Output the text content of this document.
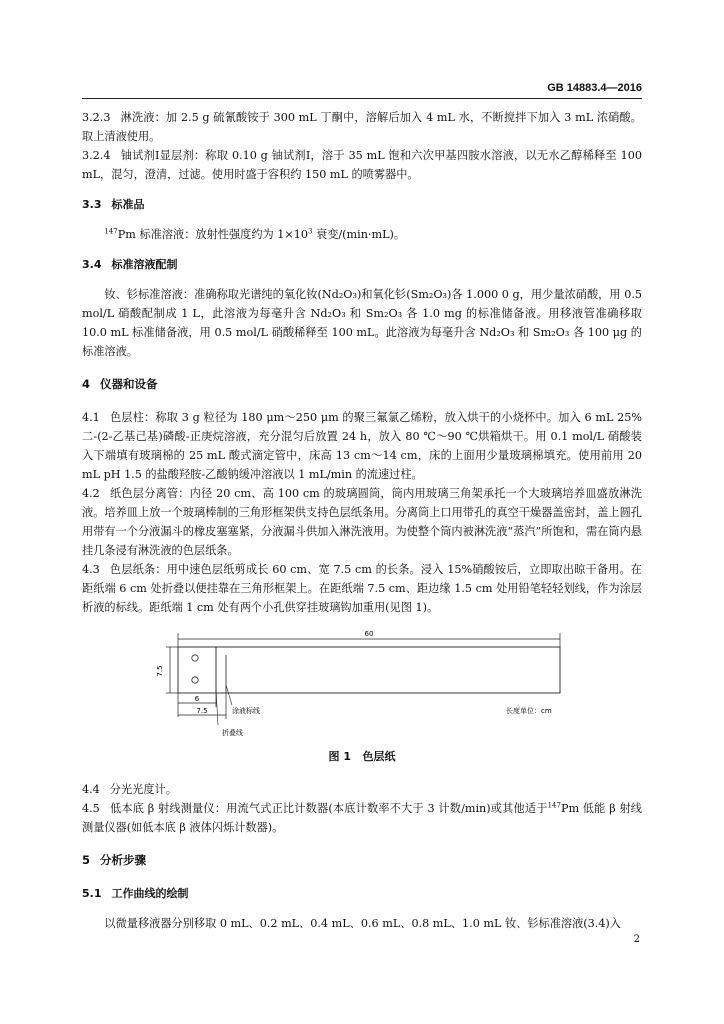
GB 14883.4—2016

3.2.3 淋洗液：加 2.5 g 硫氰酸铵于 300 mL 丁酮中，溶解后加入 4 mL 水，不断搅拌下加入 3 mL 浓硝酸。取上清液使用。

3.2.4 铀试剂Ⅰ显层剂：称取 0.10 g 铀试剂Ⅰ，溶于 35 mL 饱和六次甲基四胺水溶液，以无水乙醇稀释至 100 mL，混匀，澄清，过滤。使用时盛于容积约 150 mL 的喷雾器中。

3.3 标准品

$^{147}$Pm 标准溶液：放射性强度约为 $1\times 10^3$ 衰变/(min·mL)。

3.4 标准溶液配制

钕、钐标准溶液：准确称取光谱纯的氧化钕(Nd₂O₃)和氧化钐(Sm₂O₃)各 1.000 0 g，用少量浓硝酸，用 0.5 mol/L 硝酸配制成 1 L，此溶液为每毫升含 Nd₂O₃ 和 Sm₂O₃ 各 1.0 mg 的标准储备液。用移液管准确移取 10.0 mL 标准储备液，用 0.5 mol/L 硝酸稀释至 100 mL。此溶液为每毫升含 Nd₂O₃ 和 Sm₂O₃ 各 100 μg 的标准溶液。

4 仪器和设备

4.1 色层柱：称取 3 g 粒径为 180 μm～250 μm 的聚三氟氯乙烯粉，放入烘干的小烧杯中。加入 6 mL 25%二-(2-乙基己基)磷酸-正庚烷溶液，充分混匀后放置 24 h，放入 80 ℃～90 ℃烘箱烘干。用 0.1 mol/L 硝酸装入下端填有玻璃棉的 25 mL 酸式滴定管中，床高 13 cm～14 cm，床的上面用少量玻璃棉填充。使用前用 20 mL pH 1.5 的盐酸羟胺-乙酸钠缓冲溶液以 1 mL/min 的流速过柱。

4.2 纸色层分离管：内径 20 cm、高 100 cm 的玻璃圆筒，筒内用玻璃三角架承托一个大玻璃培养皿盛放淋洗液。培养皿上放一个玻璃棒制的三角形框架供支持色层纸条用。分离筒上口用带孔的真空干燥器盖密封，盖上圆孔用带有一个分液漏斗的橡皮塞塞紧，分液漏斗供加入淋洗液用。为使整个筒内被淋洗液“蒸汽”所饱和，需在筒内悬挂几条浸有淋洗液的色层纸条。

4.3 色层纸条：用中速色层纸剪成长 60 cm、宽 7.5 cm 的长条。浸入 15%硝酸铵后，立即取出晾干备用。在距纸端 6 cm 处折叠以便挂靠在三角形框架上。在距纸端 7.5 cm、距边缘 1.5 cm 处用铅笔轻轻划线，作为涂层析液的标线。距纸端 1 cm 处有两个小孔供穿挂玻璃钩加重用(见图 1)。

60
7.5
6
7.5	涂液标线
折叠线
长度单位：cm
图 1 色层纸

4.4 分光光度计。

4.5 低本底 β 射线测量仪：用流气式正比计数器(本底计数率不大于 3 计数/min)或其他适于$^{147}$Pm 低能 β 射线测量仪器(如低本底 β 液体闪烁计数器)。

5 分析步骤

5.1 工作曲线的绘制

以微量移液器分别移取 0 mL、0.2 mL、0.4 mL、0.6 mL、0.8 mL、1.0 mL 钕、钐标准溶液(3.4)入

2
